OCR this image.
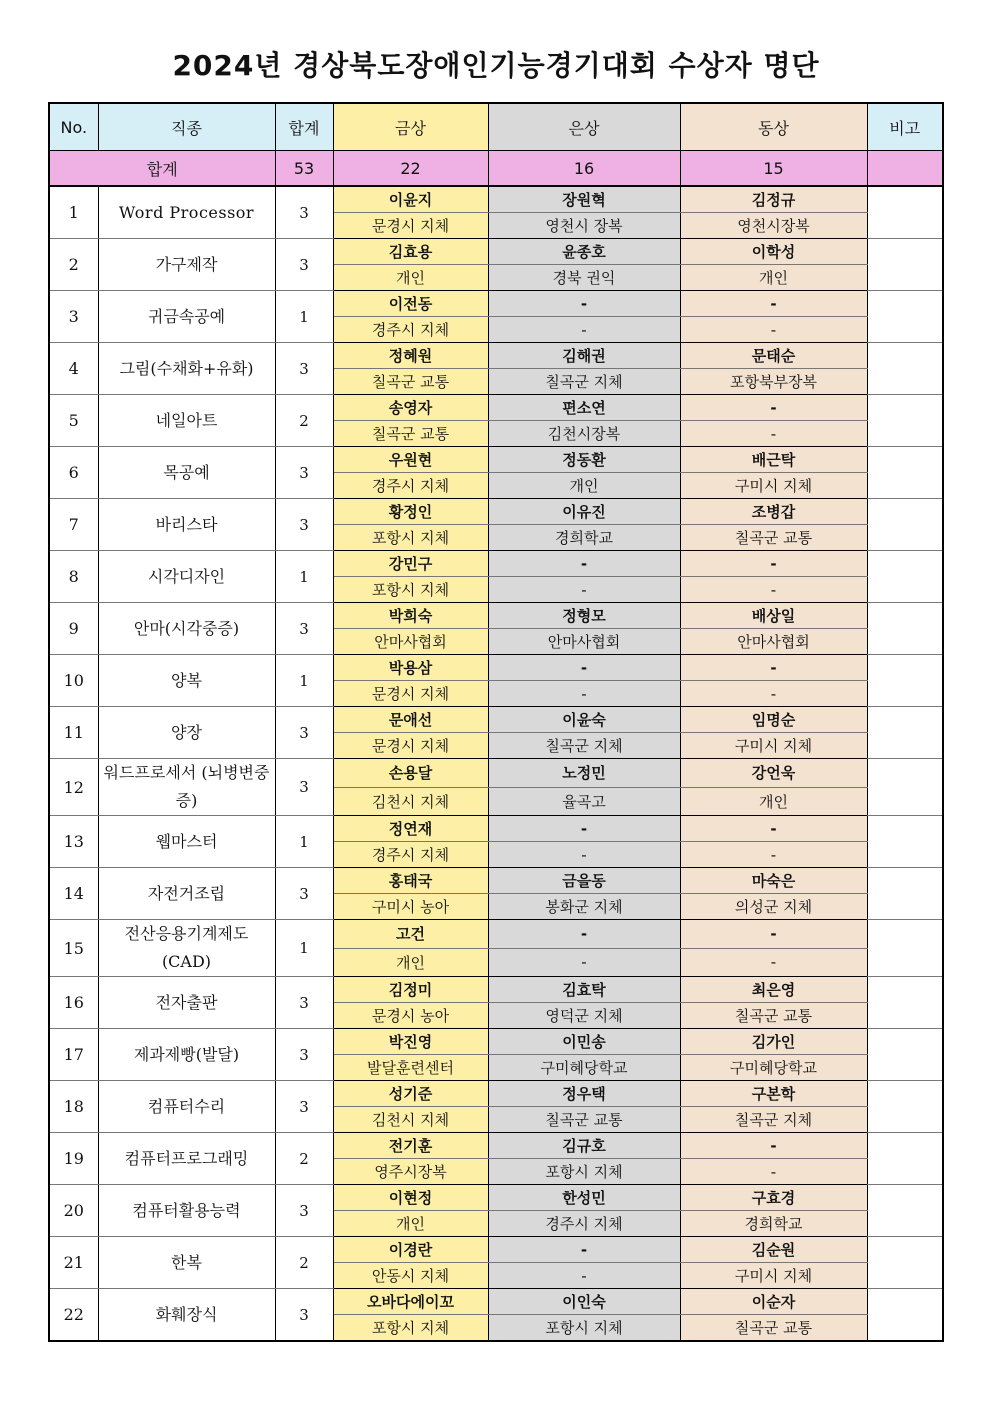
2024년 경상북도장애인기능경기대회 수상자 명단
No.	직종	합계	금상	은상	동상	비고
합계		53	22	16	15	
1	Word Processor	3	이윤지	장원혁	김정규	
			문경시 지체	영천시 장복	영천시장복	
2	가구제작	3	김효용	윤종호	이학성	
			개인	경북 권익	개인	
3	귀금속공예	1	이전동	-	-	
			경주시 지체	-	-	
4	그림(수채화+유화)	3	정혜원	김해권	문태순	
			칠곡군 교통	칠곡군 지체	포항북부장복	
5	네일아트	2	송영자	편소연	-	
			칠곡군 교통	김천시장복	-	
6	목공예	3	우원현	정동환	배근탁	
			경주시 지체	개인	구미시 지체	
7	바리스타	3	황정인	이유진	조병갑	
			포항시 지체	경희학교	칠곡군 교통	
8	시각디자인	1	강민구	-	-	
			포항시 지체	-	-	
9	안마(시각중증)	3	박희숙	정형모	배상일	
			안마사협회	안마사협회	안마사협회	
10	양복	1	박용삼	-	-	
			문경시 지체	-	-	
11	양장	3	문애선	이윤숙	임명순	
			문경시 지체	칠곡군 지체	구미시 지체	
12	워드프로세서 (뇌병변중증)	3	손용달	노정민	강언욱	
			김천시 지체	율곡고	개인	
13	웹마스터	1	정연재	-	-	
			경주시 지체	-	-	
14	자전거조립	3	홍태국	금을동	마숙은	
			구미시 농아	봉화군 지체	의성군 지체	
15	전산응용기계제도 (CAD)	1	고건	-	-	
			개인	-	-	
16	전자출판	3	김정미	김효탁	최은영	
			문경시 농아	영덕군 지체	칠곡군 교통	
17	제과제빵(발달)	3	박진영	이민송	김가인	
			발달훈련센터	구미혜당학교	구미혜당학교	
18	컴퓨터수리	3	성기준	정우택	구본학	
			김천시 지체	칠곡군 교통	칠곡군 지체	
19	컴퓨터프로그래밍	2	전기훈	김규호	-	
			영주시장복	포항시 지체	-	
20	컴퓨터활용능력	3	이현정	한성민	구효경	
			개인	경주시 지체	경희학교	
21	한복	2	이경란	-	김순원	
			안동시 지체	-	구미시 지체	
22	화훼장식	3	오바다에이꼬	이인숙	이순자	
			포항시 지체	포항시 지체	칠곡군 교통	
